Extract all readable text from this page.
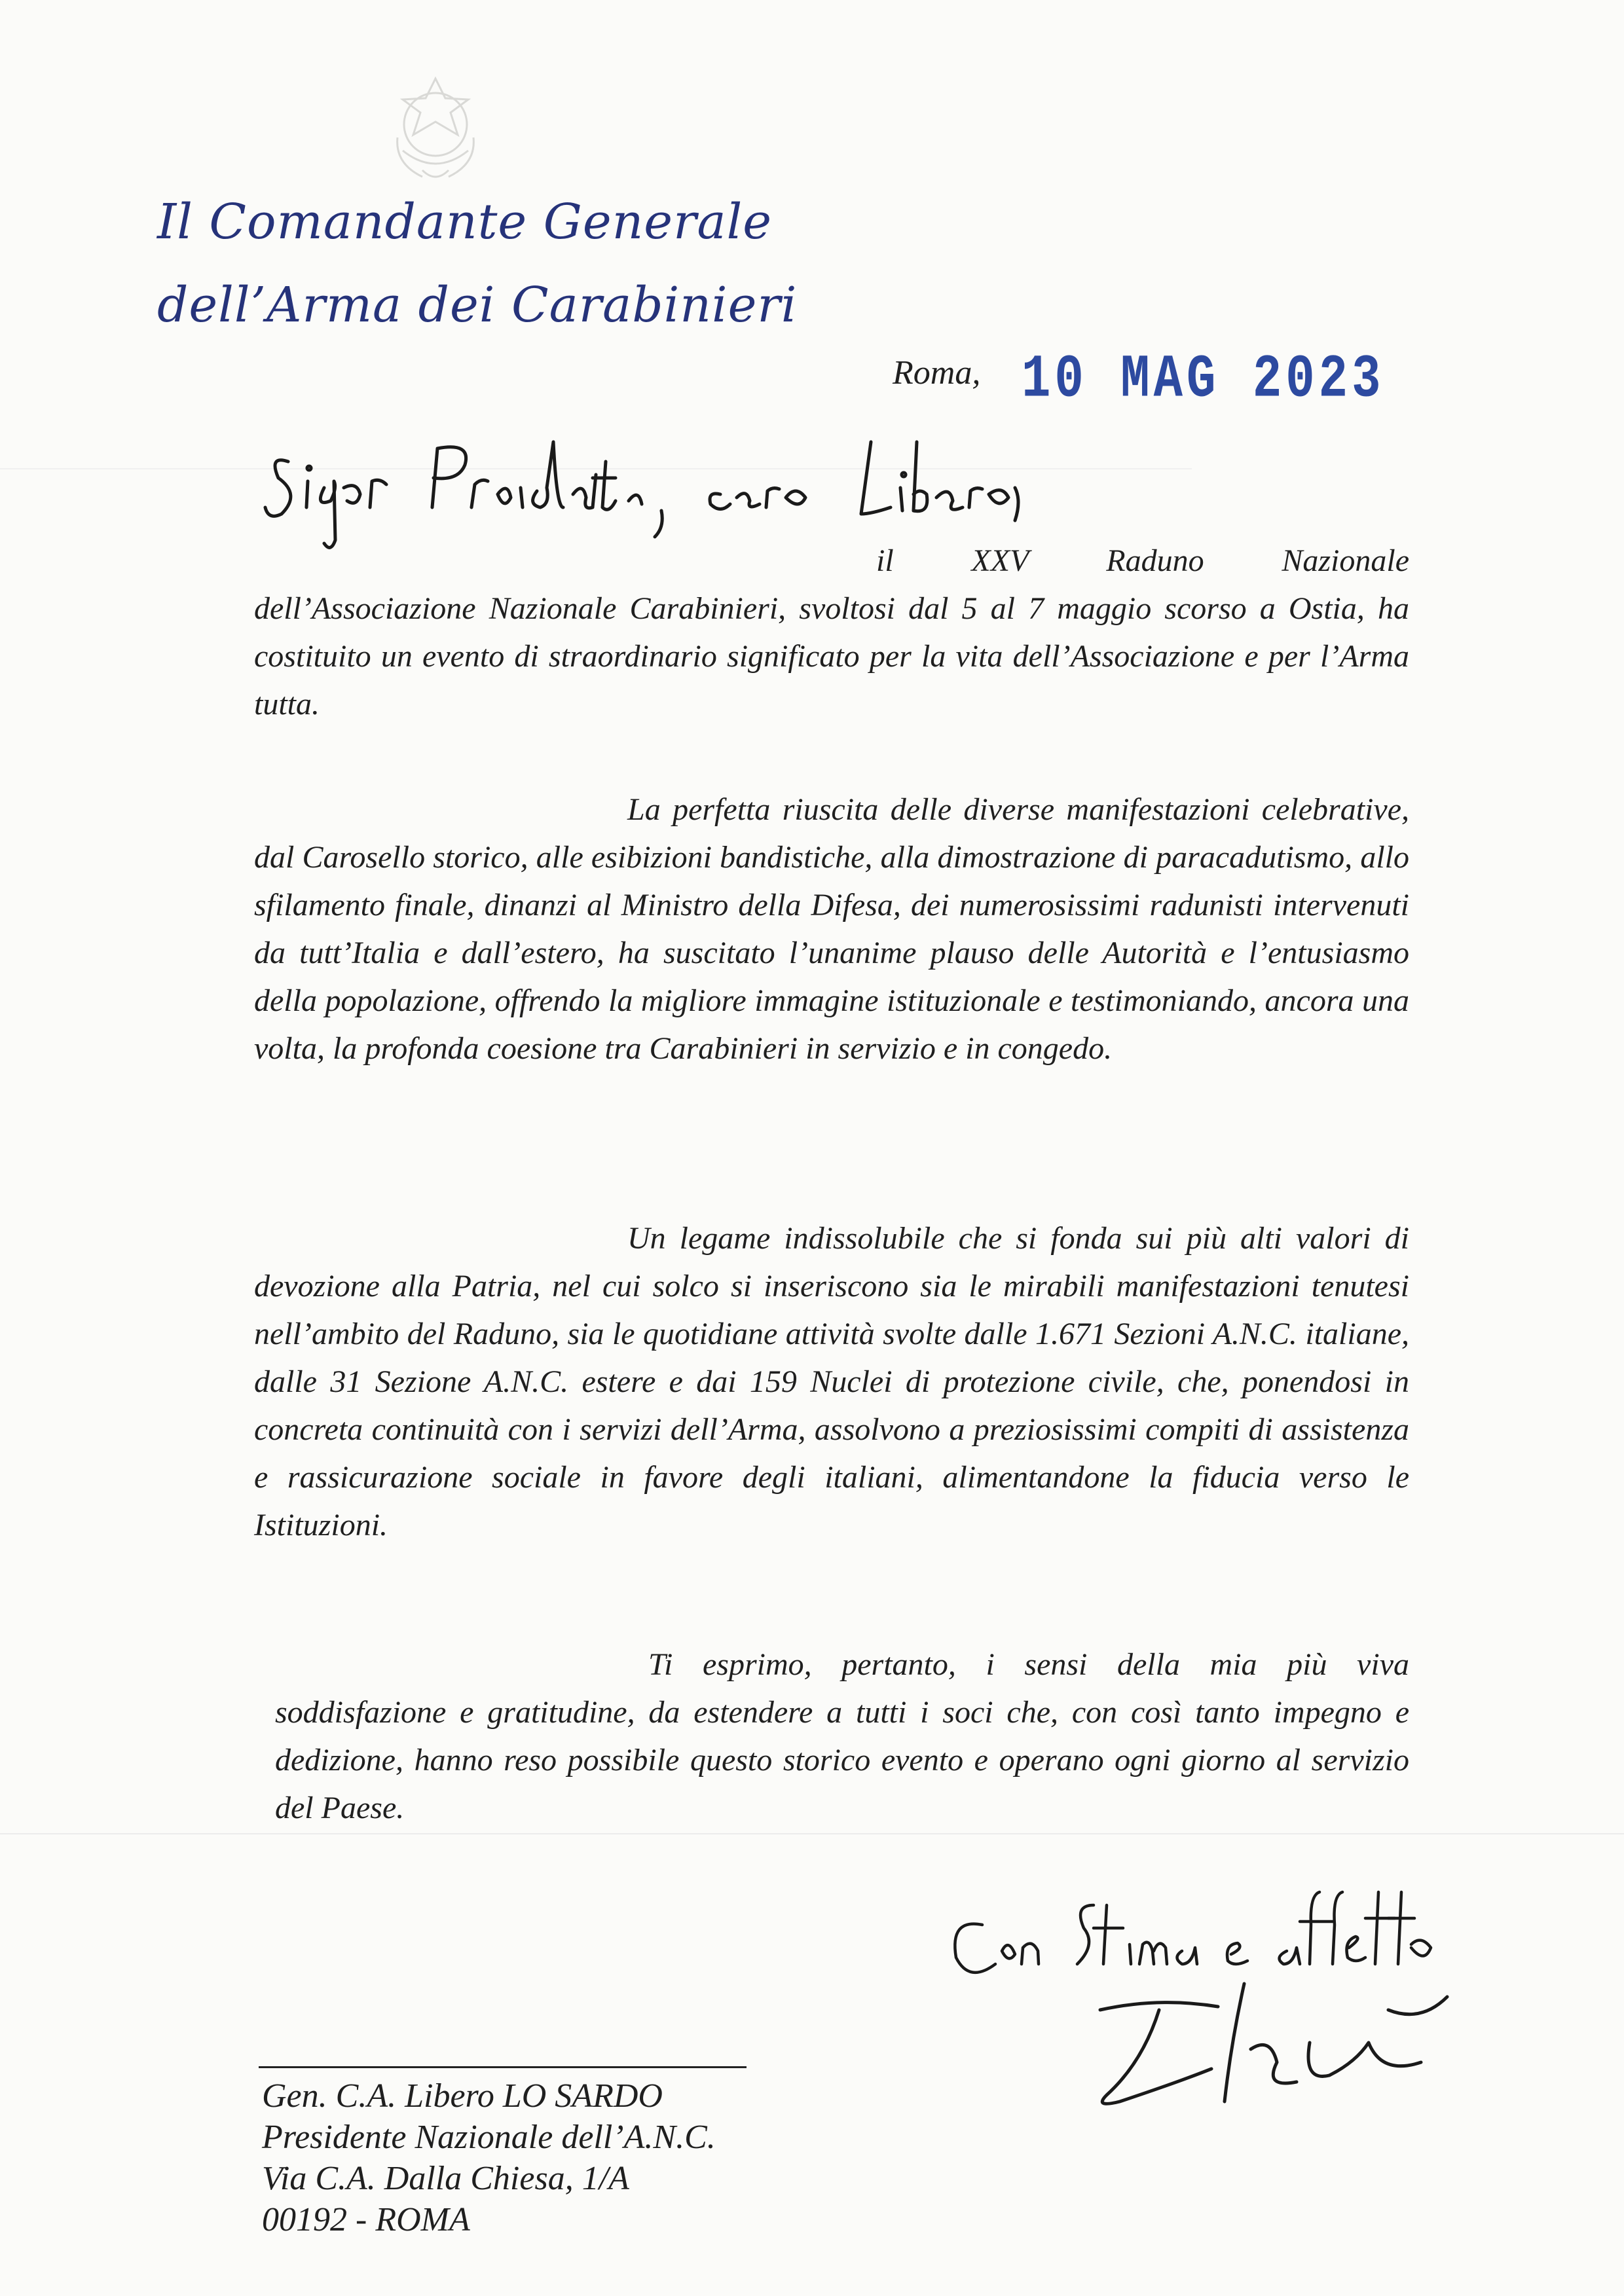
Il Comandante Generale
dell’Arma dei Carabinieri
Roma, 10 MAG 2023
il XXV Raduno Nazionale dell’Associazione Nazionale Carabinieri, svoltosi dal 5 al 7 maggio scorso a Ostia, ha costituito un evento di straordinario significato per la vita dell’Associazione e per l’Arma tutta.
La perfetta riuscita delle diverse manifestazioni celebrative, dal Carosello storico, alle esibizioni bandistiche, alla dimostrazione di paracadutismo, allo sfilamento finale, dinanzi al Ministro della Difesa, dei numerosissimi radunisti intervenuti da tutt’Italia e dall’estero, ha suscitato l’unanime plauso delle Autorità e l’entusiasmo della popolazione, offrendo la migliore immagine istituzionale e testimoniando, ancora una volta, la profonda coesione tra Carabinieri in servizio e in congedo.
Un legame indissolubile che si fonda sui più alti valori di devozione alla Patria, nel cui solco si inseriscono sia le mirabili manifestazioni tenutesi nell’ambito del Raduno, sia le quotidiane attività svolte dalle 1.671 Sezioni A.N.C. italiane, dalle 31 Sezione A.N.C. estere e dai 159 Nuclei di protezione civile, che, ponendosi in concreta continuità con i servizi dell’Arma, assolvono a preziosissimi compiti di assistenza e rassicurazione sociale in favore degli italiani, alimentandone la fiducia verso le Istituzioni.
Ti esprimo, pertanto, i sensi della mia più viva soddisfazione e gratitudine, da estendere a tutti i soci che, con così tanto impegno e dedizione, hanno reso possibile questo storico evento e operano ogni giorno al servizio del Paese.
Gen. C.A. Libero LO SARDO
Presidente Nazionale dell’A.N.C.
Via C.A. Dalla Chiesa, 1/A
00192 - ROMA
